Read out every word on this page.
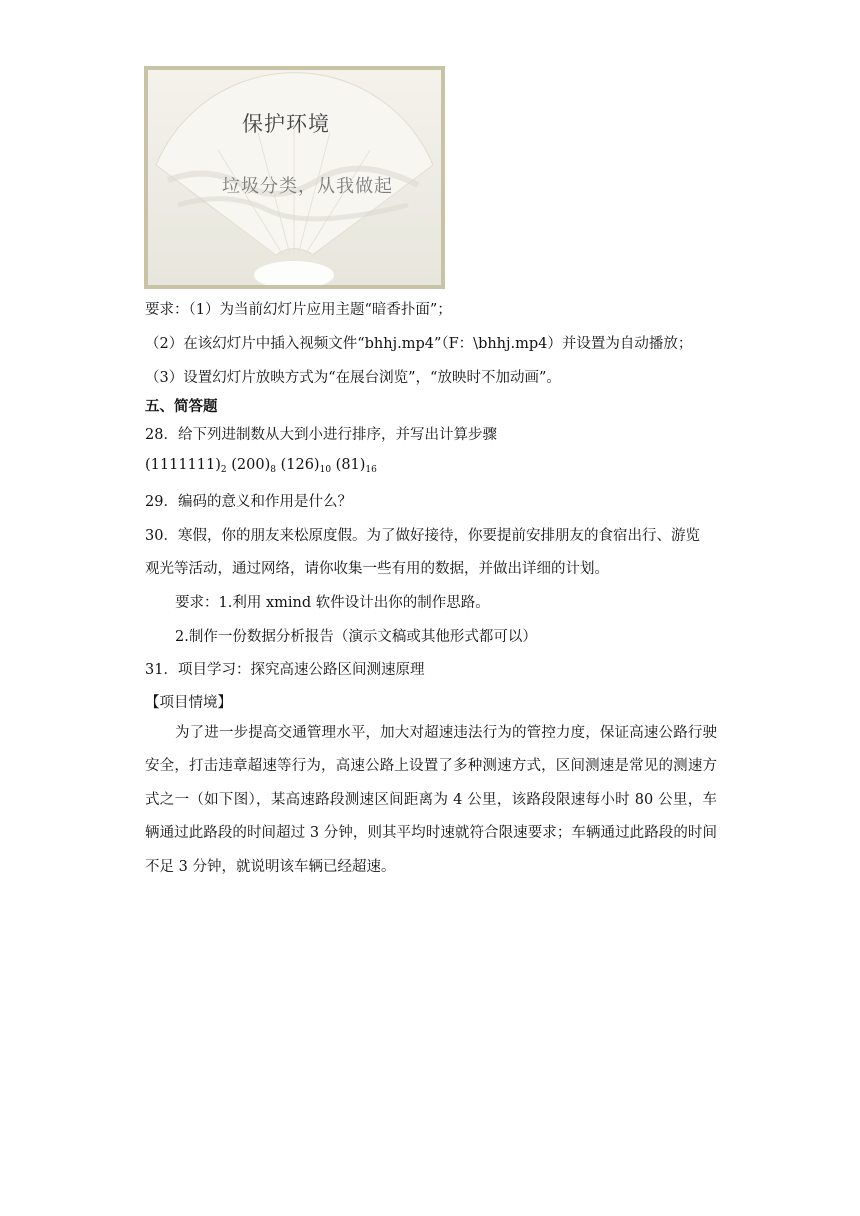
保护环境
垃圾分类，从我做起
要求：（1）为当前幻灯片应用主题“暗香扑面”；
（2）在该幻灯片中插入视频文件“bhhj.mp4”（F：\bhhj.mp4）并设置为自动播放；
（3）设置幻灯片放映方式为“在展台浏览”，“放映时不加动画”。
五、简答题
28．给下列进制数从大到小进行排序，并写出计算步骤
$(1111111)_2$ $(200)_8$ $(126)_{10}$ $(81)_{16}$
29．编码的意义和作用是什么？
30．寒假，你的朋友来松原度假。为了做好接待，你要提前安排朋友的食宿出行、游览
观光等活动，通过网络，请你收集一些有用的数据，并做出详细的计划。
要求：1.利用 xmind 软件设计出你的制作思路。
2.制作一份数据分析报告（演示文稿或其他形式都可以）
31．项目学习：探究高速公路区间测速原理
【项目情境】
为了进一步提高交通管理水平，加大对超速违法行为的管控力度，保证高速公路行驶安全，打击违章超速等行为，高速公路上设置了多种测速方式，区间测速是常见的测速方式之一（如下图），某高速路段测速区间距离为 4 公里，该路段限速每小时 80 公里，车辆通过此路段的时间超过 3 分钟，则其平均时速就符合限速要求；车辆通过此路段的时间不足 3 分钟，就说明该车辆已经超速。
